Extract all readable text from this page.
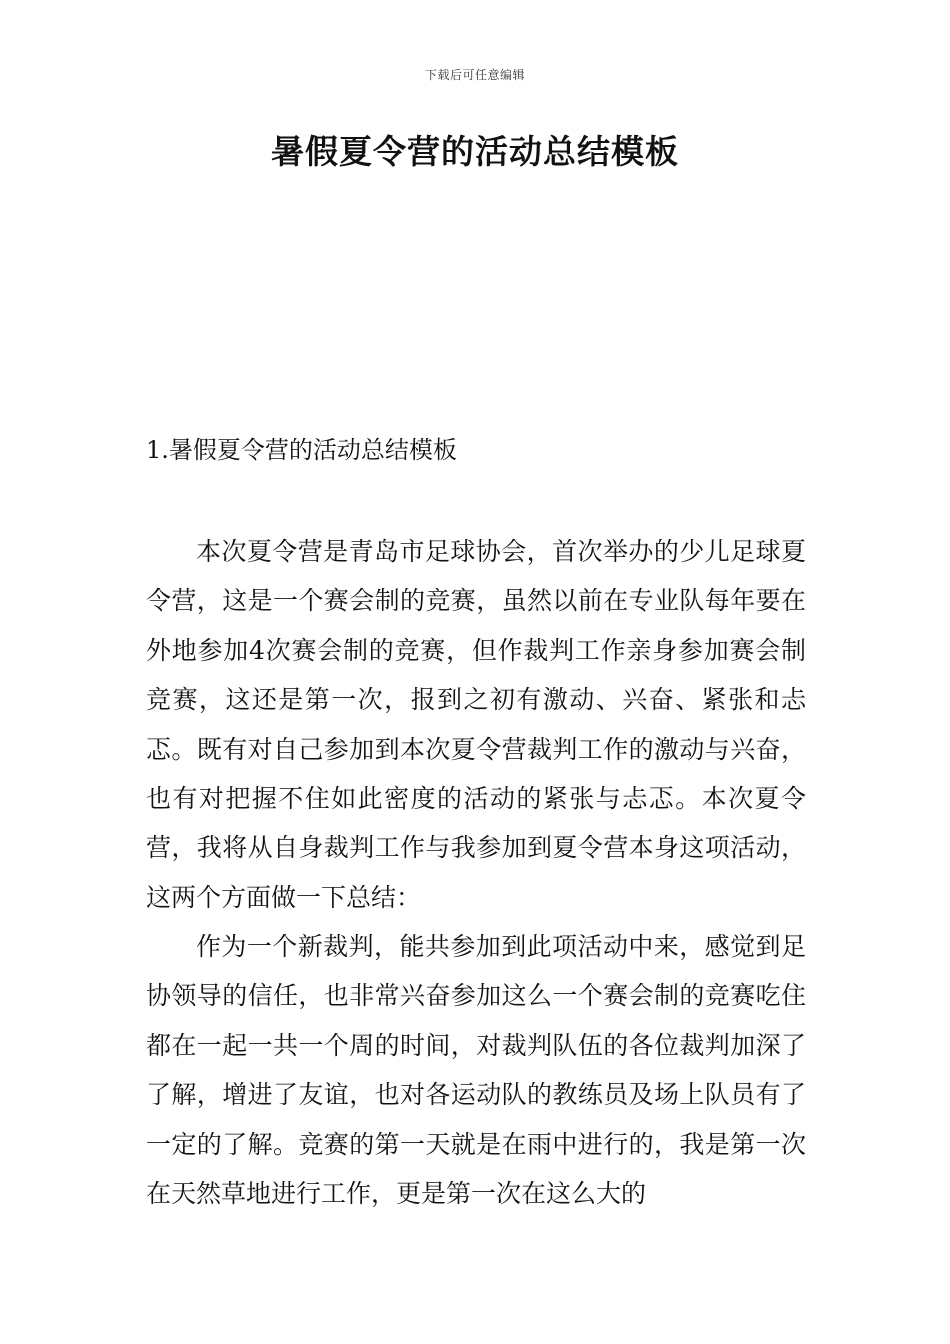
下载后可任意编辑
暑假夏令营的活动总结模板
1.暑假夏令营的活动总结模板

本次夏令营是青岛市足球协会，首次举办的少儿足球夏令营，这是一个赛会制的竞赛，虽然以前在专业队每年要在外地参加4次赛会制的竞赛，但作裁判工作亲身参加赛会制竞赛，这还是第一次，报到之初有激动、兴奋、紧张和忐忑。既有对自己参加到本次夏令营裁判工作的激动与兴奋，也有对把握不住如此密度的活动的紧张与忐忑。本次夏令营，我将从自身裁判工作与我参加到夏令营本身这项活动，这两个方面做一下总结：

作为一个新裁判，能共参加到此项活动中来，感觉到足协领导的信任，也非常兴奋参加这么一个赛会制的竞赛吃住都在一起一共一个周的时间，对裁判队伍的各位裁判加深了了解，增进了友谊，也对各运动队的教练员及场上队员有了一定的了解。竞赛的第一天就是在雨中进行的，我是第一次在天然草地进行工作，更是第一次在这么大的
